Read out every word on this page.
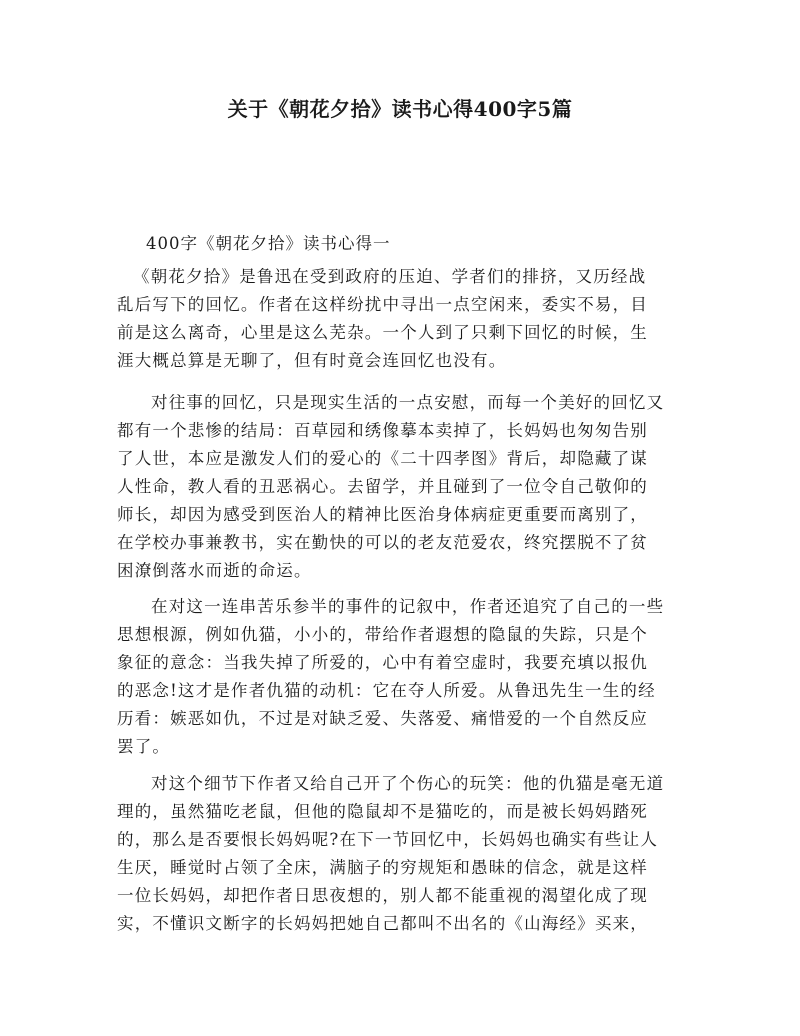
关于《朝花夕拾》读书心得400字5篇
400字《朝花夕拾》读书心得一
《朝花夕拾》是鲁迅在受到政府的压迫、学者们的排挤，又历经战
乱后写下的回忆。作者在这样纷扰中寻出一点空闲来，委实不易，目
前是这么离奇，心里是这么芜杂。一个人到了只剩下回忆的时候，生
涯大概总算是无聊了，但有时竟会连回忆也没有。
对往事的回忆，只是现实生活的一点安慰，而每一个美好的回忆又
都有一个悲惨的结局：百草园和绣像摹本卖掉了，长妈妈也匆匆告别
了人世，本应是激发人们的爱心的《二十四孝图》背后，却隐藏了谋
人性命，教人看的丑恶祸心。去留学，并且碰到了一位令自己敬仰的
师长，却因为感受到医治人的精神比医治身体病症更重要而离别了，
在学校办事兼教书，实在勤快的可以的老友范爱农，终究摆脱不了贫
困潦倒落水而逝的命运。
在对这一连串苦乐参半的事件的记叙中，作者还追究了自己的一些
思想根源，例如仇猫，小小的，带给作者遐想的隐鼠的失踪，只是个
象征的意念：当我失掉了所爱的，心中有着空虚时，我要充填以报仇
的恶念!这才是作者仇猫的动机：它在夺人所爱。从鲁迅先生一生的经
历看：嫉恶如仇，不过是对缺乏爱、失落爱、痛惜爱的一个自然反应
罢了。
对这个细节下作者又给自己开了个伤心的玩笑：他的仇猫是毫无道
理的，虽然猫吃老鼠，但他的隐鼠却不是猫吃的，而是被长妈妈踏死
的，那么是否要恨长妈妈呢?在下一节回忆中，长妈妈也确实有些让人
生厌，睡觉时占领了全床，满脑子的穷规矩和愚昧的信念，就是这样
一位长妈妈，却把作者日思夜想的，别人都不能重视的渴望化成了现
实，不懂识文断字的长妈妈把她自己都叫不出名的《山海经》买来，
